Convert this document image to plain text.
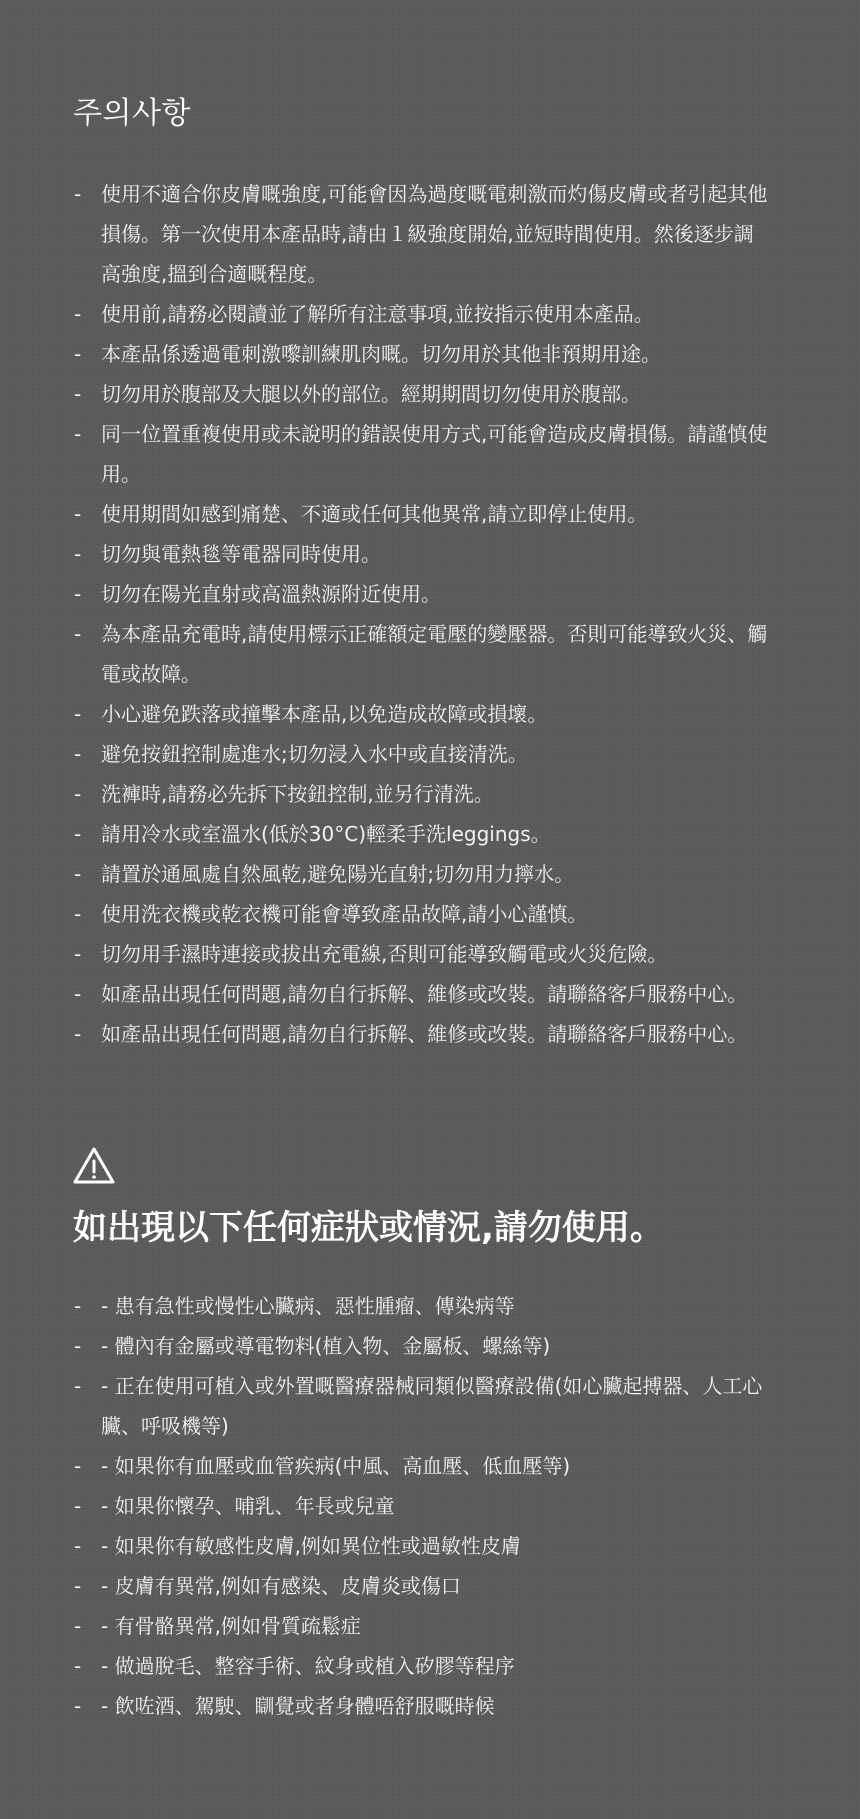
주의사항
- 使用不適合你皮膚嘅強度,可能會因為過度嘅電刺激而灼傷皮膚或者引起其他損傷。第一次使用本產品時,請由１級強度開始,並短時間使用。然後逐步調高強度,搵到合適嘅程度。
- 使用前,請務必閱讀並了解所有注意事項,並按指示使用本產品。
- 本產品係透過電刺激嚟訓練肌肉嘅。切勿用於其他非預期用途。
- 切勿用於腹部及大腿以外的部位。經期期間切勿使用於腹部。
- 同一位置重複使用或未說明的錯誤使用方式,可能會造成皮膚損傷。請謹慎使用。
- 使用期間如感到痛楚、不適或任何其他異常,請立即停止使用。
- 切勿與電熱毯等電器同時使用。
- 切勿在陽光直射或高溫熱源附近使用。
- 為本產品充電時,請使用標示正確額定電壓的變壓器。否則可能導致火災、觸電或故障。
- 小心避免跌落或撞擊本產品,以免造成故障或損壞。
- 避免按鈕控制處進水;切勿浸入水中或直接清洗。
- 洗褲時,請務必先拆下按鈕控制,並另行清洗。
- 請用冷水或室溫水(低於30°C)輕柔手洗leggings。
- 請置於通風處自然風乾,避免陽光直射;切勿用力擰水。
- 使用洗衣機或乾衣機可能會導致產品故障,請小心謹慎。
- 切勿用手濕時連接或拔出充電線,否則可能導致觸電或火災危險。
- 如產品出現任何問題,請勿自行拆解、維修或改裝。請聯絡客戶服務中心。
- 如產品出現任何問題,請勿自行拆解、維修或改裝。請聯絡客戶服務中心。
如出現以下任何症狀或情況,請勿使用。
- - 患有急性或慢性心臟病、惡性腫瘤、傳染病等
- - 體內有金屬或導電物料(植入物、金屬板、螺絲等)
- - 正在使用可植入或外置嘅醫療器械同類似醫療設備(如心臟起搏器、人工心臟、呼吸機等)
- - 如果你有血壓或血管疾病(中風、高血壓、低血壓等)
- - 如果你懷孕、哺乳、年長或兒童
- - 如果你有敏感性皮膚,例如異位性或過敏性皮膚
- - 皮膚有異常,例如有感染、皮膚炎或傷口
- - 有骨骼異常,例如骨質疏鬆症
- - 做過脫毛、整容手術、紋身或植入矽膠等程序
- - 飲咗酒、駕駛、瞓覺或者身體唔舒服嘅時候
